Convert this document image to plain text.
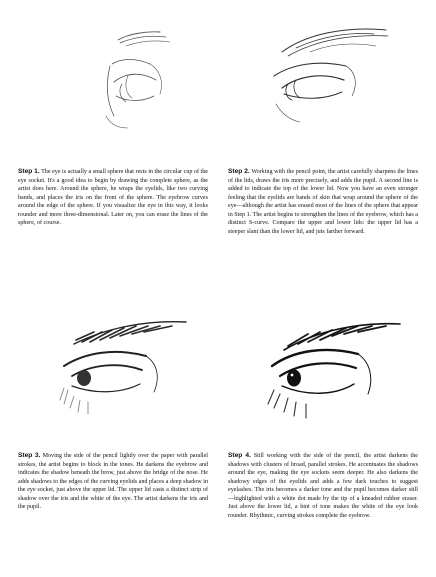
Step 1. The eye is actually a small sphere that rests in the circular cup of the eye socket. It's a good idea to begin by drawing the complete sphere, as the artist does here. Around the sphere, he wraps the eyelids, like two curving bands, and places the iris on the front of the sphere. The eyebrow curves around the edge of the sphere. If you visualize the eye in this way, it looks rounder and more three-dimensional. Later on, you can erase the lines of the sphere, of course.

Step 2. Working with the pencil point, the artist carefully sharpens the lines of the lids, draws the iris more precisely, and adds the pupil. A second line is added to indicate the top of the lower lid. Now you have an even stronger feeling that the eyelids are bands of skin that wrap around the sphere of the eye—although the artist has erased most of the lines of the sphere that appear in Step 1. The artist begins to strengthen the lines of the eyebrow, which has a distinct S-curve. Compare the upper and lower lids: the upper lid has a steeper slant than the lower lid, and juts farther forward.

Step 3. Moving the side of the pencil lightly over the paper with parallel strokes, the artist begins to block in the tones. He darkens the eyebrow and indicates the shadow beneath the brow, just above the bridge of the nose. He adds shadows to the edges of the curving eyelids and places a deep shadow in the eye socket, just above the upper lid. The upper lid casts a distinct strip of shadow over the iris and the white of the eye. The artist darkens the iris and the pupil.

Step 4. Still working with the side of the pencil, the artist darkens the shadows with clusters of broad, parallel strokes. He accentuates the shadows around the eye, making the eye sockets seem deeper. He also darkens the shadowy edges of the eyelids and adds a few dark touches to suggest eyelashes. The iris becomes a darker tone and the pupil becomes darker still—highlighted with a white dot made by the tip of a kneaded rubber eraser. Just above the lower lid, a hint of tone makes the white of the eye look rounder. Rhythmic, curving strokes complete the eyebrow.
